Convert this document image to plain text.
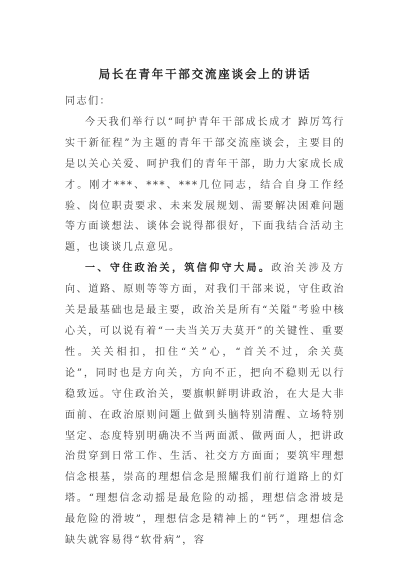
局长在青年干部交流座谈会上的讲话

同志们：

今天我们举行以“呵护青年干部成长成才 踔厉笃行实干新征程”为主题的青年干部交流座谈会，主要目的是以关心关爱、呵护我们的青年干部，助力大家成长成才。刚才***、***、***几位同志，结合自身工作经验、岗位职责要求、未来发展规划、需要解决困难问题等方面谈想法、谈体会说得都很好，下面我结合活动主题，也谈谈几点意见。

一、守住政治关，筑信仰守大局。政治关涉及方向、道路、原则等等方面，对我们干部来说，守住政治关是最基础也是最主要，政治关是所有“关隘”考验中核心关，可以说有着“一夫当关万夫莫开”的关键性、重要性。关关相扣，扣住“关”心，“首关不过，余关莫论”，同时也是方向关，方向不正，把向不稳则无以行稳致远。守住政治关，要旗帜鲜明讲政治，在大是大非面前、在政治原则问题上做到头脑特别清醒、立场特别坚定、态度特别明确决不当两面派、做两面人，把讲政治贯穿到日常工作、生活、社交方方面面；要筑牢理想信念根基，崇高的理想信念是照耀我们前行道路上的灯塔。“理想信念动摇是最危险的动摇，理想信念滑坡是最危险的滑坡”，理想信念是精神上的“钙”，理想信念缺失就容易得“软骨病”，容
